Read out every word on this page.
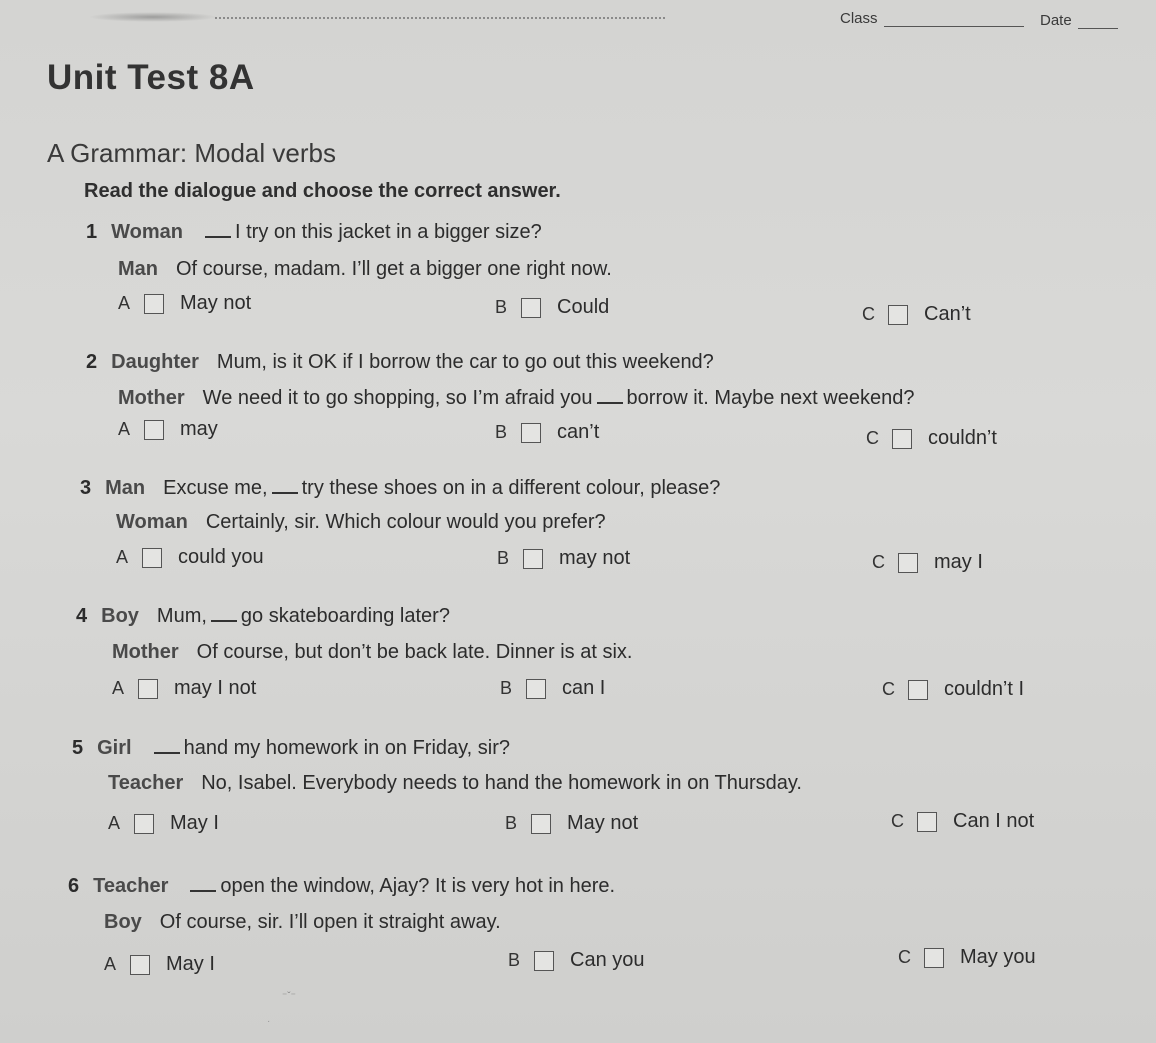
Class	Date
Unit Test 8A
A Grammar: Modal verbs
Read the dialogue and choose the correct answer.
1 Woman	I try on this jacket in a bigger size?
Man Of course, madam. I’ll get a bigger one right now.
A	May not	B	Could	C	Can’t
2 Daughter Mum, is it OK if I borrow the car to go out this weekend?
Mother We need it to go shopping, so I’m afraid you borrow it. Maybe next weekend?
A	may	B	can’t	C	couldn’t
3 Man Excuse me, try these shoes on in a different colour, please?
Woman Certainly, sir. Which colour would you prefer?
A	could you	B	may not	C	may I
4 Boy Mum, go skateboarding later?
Mother Of course, but don’t be back late. Dinner is at six.
A	may I not	B	can I	C	couldn’t I
5 Girl	hand my homework in on Friday, sir?
Teacher No, Isabel. Everybody needs to hand the homework in on Thursday.
A	May I	B	May not	C	Can I not
6 Teacher	open the window, Ajay? It is very hot in here.
Boy Of course, sir. I’ll open it straight away.
A	May I	B	Can you	C	May you
⁻ˇ⁻
·
